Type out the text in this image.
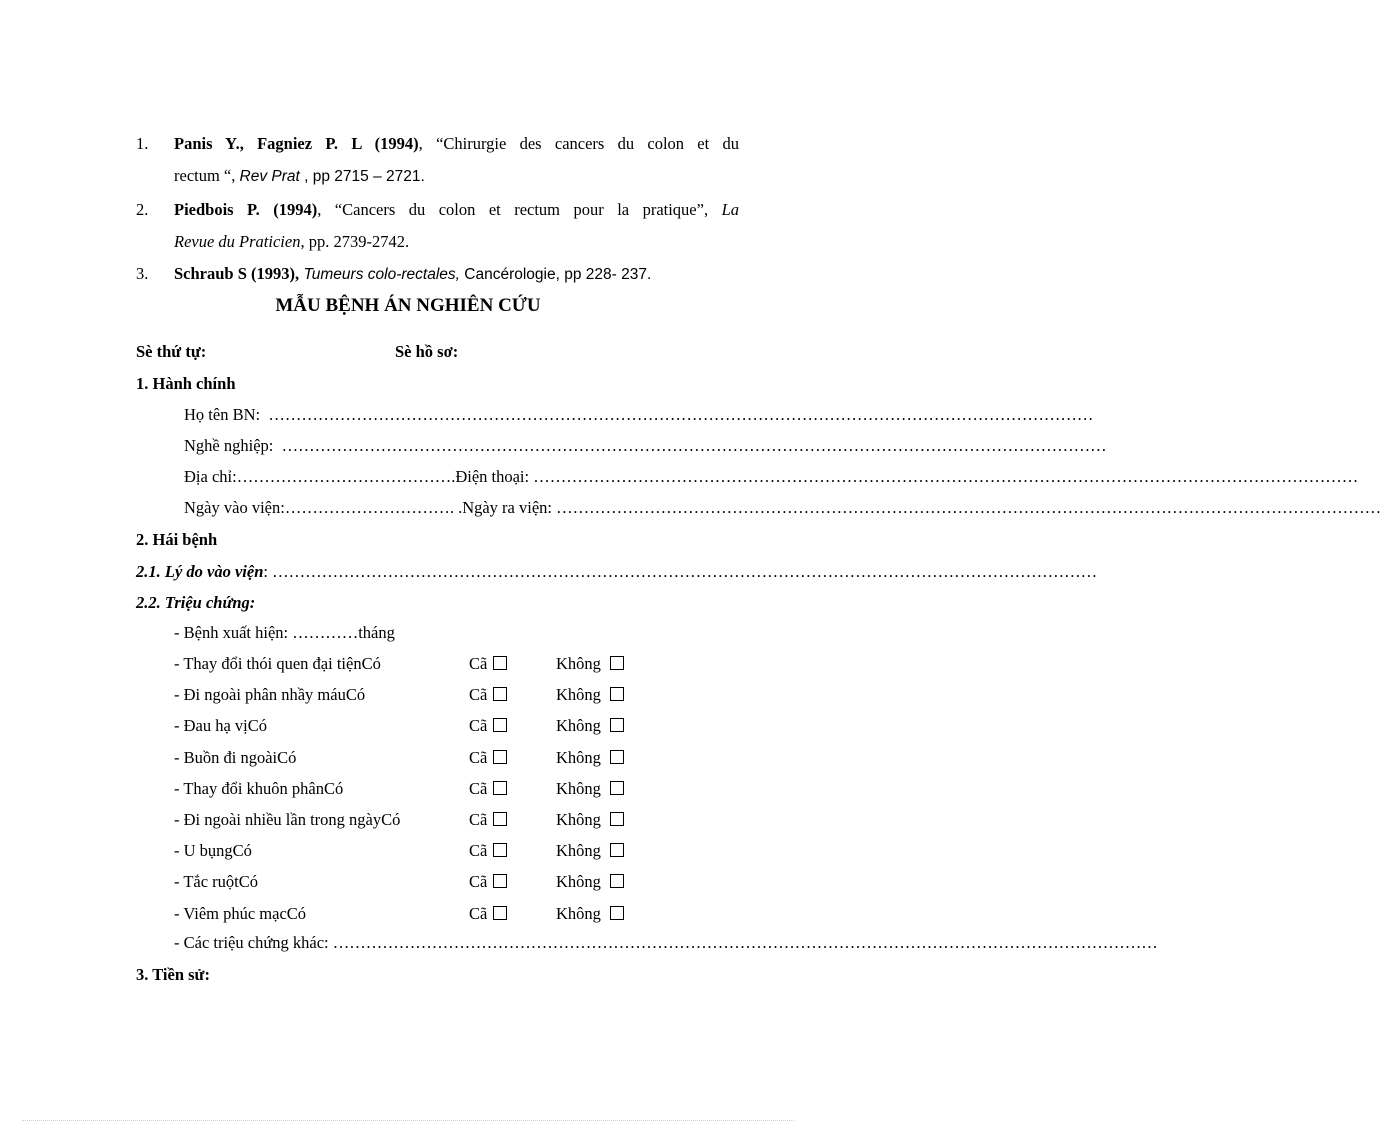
1. Panis Y., Fagniez P. L (1994), “Chirurgie des cancers du colon et du
rectum “, Rev Prat , pp 2715 – 2721.
2. Piedbois P. (1994), “Cancers du colon et rectum pour la pratique”, La
Revue du Praticien, pp. 2739-2742.
3. Schraub S (1993), Tumeurs colo-rectales, Cancérologie, pp 228- 237.
MẪU BỆNH ÁN NGHIÊN CỨU
Sè thứ tự:	Sè hồ sơ:
1. Hành chính
Họ tên BN:
……………………………………………………………………………………………………………………………………
Nghề nghiệp:
……………………………………………………………………………………………………………………………………
Địa chỉ: …………………………………. Điện thoại:
……………………………………………………………………………………………………………………………………
Ngày vào viện: …………………………. . Ngày ra viện:
……………………………………………………………………………………………………………………………………
2. Hái bệnh
2.1. Lý do vào viện :
……………………………………………………………………………………………………………………………………
2.2. Triệu chứng:
- Bệnh xuất hiện: …………tháng
- Thay đổi thói quen đại tiệnCó	Cã	Không
- Đi ngoài phân nhầy máuCó	Cã	Không
- Đau hạ vịCó	Cã	Không
- Buồn đi ngoàiCó	Cã	Không
- Thay đổi khuôn phânCó	Cã	Không
- Đi ngoài nhiều lần trong ngàyCó	Cã	Không
- U bụngCó	Cã	Không
- Tắc ruộtCó	Cã	Không
- Viêm phúc mạcCó	Cã	Không
- Các triệu chứng khác:
……………………………………………………………………………………………………………………………………
3. Tiền sử:
